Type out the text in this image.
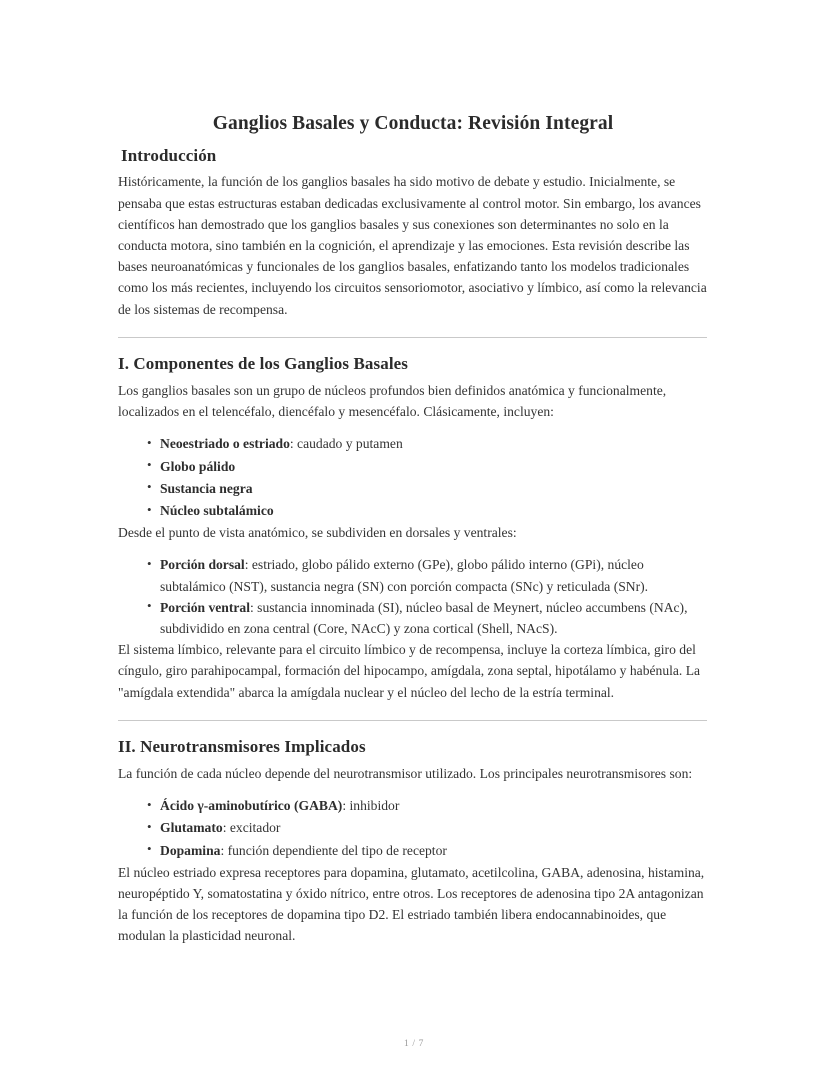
Ganglios Basales y Conducta: Revisión Integral
Introducción

Históricamente, la función de los ganglios basales ha sido motivo de debate y estudio. Inicialmente, se pensaba que estas estructuras estaban dedicadas exclusivamente al control motor. Sin embargo, los avances científicos han demostrado que los ganglios basales y sus conexiones son determinantes no solo en la conducta motora, sino también en la cognición, el aprendizaje y las emociones. Esta revisión describe las bases neuroanatómicas y funcionales de los ganglios basales, enfatizando tanto los modelos tradicionales como los más recientes, incluyendo los circuitos sensoriomotor, asociativo y límbico, así como la relevancia de los sistemas de recompensa.

I. Componentes de los Ganglios Basales

Los ganglios basales son un grupo de núcleos profundos bien definidos anatómica y funcionalmente, localizados en el telencéfalo, diencéfalo y mesencéfalo. Clásicamente, incluyen:

• Neoestriado o estriado: caudado y putamen
• Globo pálido
• Sustancia negra
• Núcleo subtalámico

Desde el punto de vista anatómico, se subdividen en dorsales y ventrales:

• Porción dorsal: estriado, globo pálido externo (GPe), globo pálido interno (GPi), núcleo subtalámico (NST), sustancia negra (SN) con porción compacta (SNc) y reticulada (SNr).
• Porción ventral: sustancia innominada (SI), núcleo basal de Meynert, núcleo accumbens (NAc), subdividido en zona central (Core, NAcC) y zona cortical (Shell, NAcS).

El sistema límbico, relevante para el circuito límbico y de recompensa, incluye la corteza límbica, giro del cíngulo, giro parahipocampal, formación del hipocampo, amígdala, zona septal, hipotálamo y habénula. La "amígdala extendida" abarca la amígdala nuclear y el núcleo del lecho de la estría terminal.

II. Neurotransmisores Implicados

La función de cada núcleo depende del neurotransmisor utilizado. Los principales neurotransmisores son:

• Ácido γ-aminobutírico (GABA): inhibidor
• Glutamato: excitador
• Dopamina: función dependiente del tipo de receptor

El núcleo estriado expresa receptores para dopamina, glutamato, acetilcolina, GABA, adenosina, histamina, neuropéptido Y, somatostatina y óxido nítrico, entre otros. Los receptores de adenosina tipo 2A antagonizan la función de los receptores de dopamina tipo D2. El estriado también libera endocannabinoides, que modulan la plasticidad neuronal.

1 / 7
